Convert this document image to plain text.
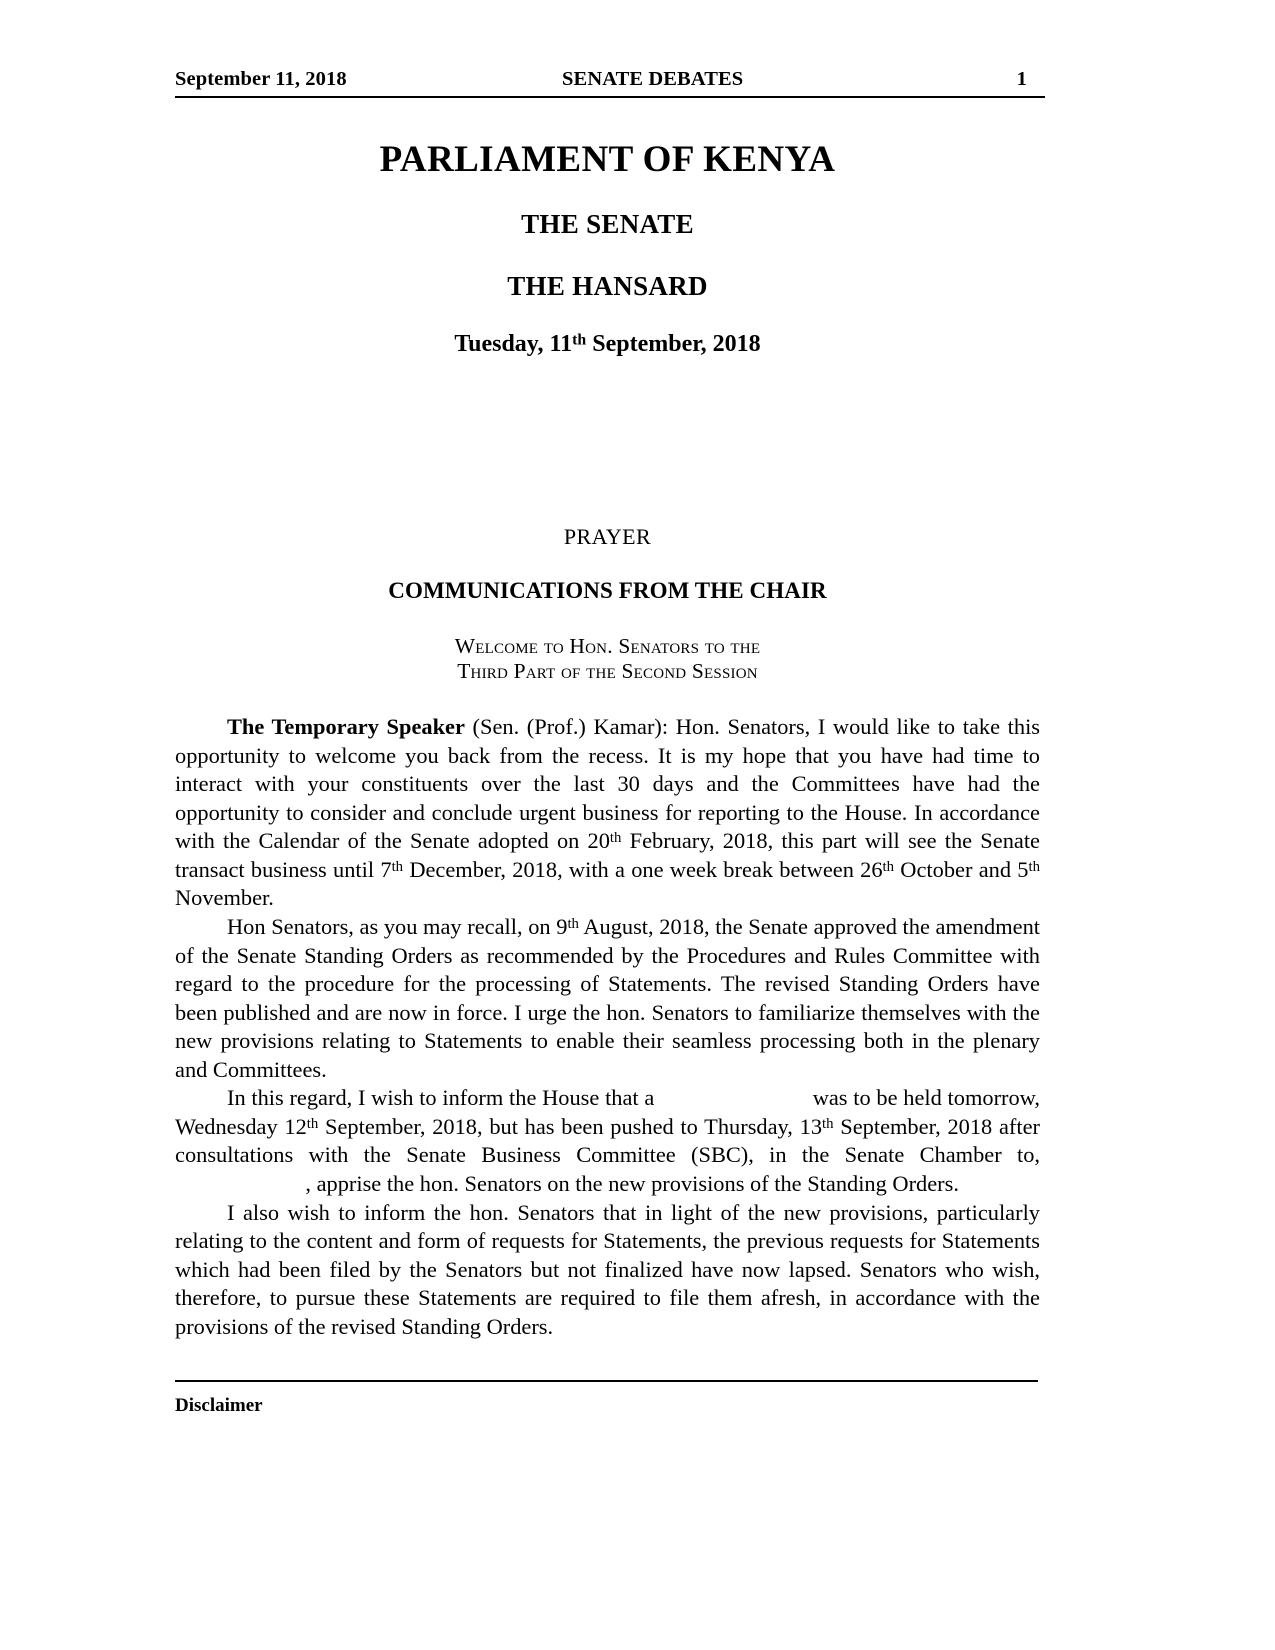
September 11, 2018	SENATE DEBATES	1
PARLIAMENT OF KENYA
THE SENATE
THE HANSARD
Tuesday, 11th September, 2018
PRAYER
COMMUNICATIONS FROM THE CHAIR
Welcome to Hon. Senators to the
Third Part of the Second Session

The Temporary Speaker (Sen. (Prof.) Kamar): Hon. Senators, I would like to take this opportunity to welcome you back from the recess. It is my hope that you have had time to interact with your constituents over the last 30 days and the Committees have had the opportunity to consider and conclude urgent business for reporting to the House. In accordance with the Calendar of the Senate adopted on 20th February, 2018, this part will see the Senate transact business until 7th December, 2018, with a one week break between 26th October and 5th November.

Hon Senators, as you may recall, on 9th August, 2018, the Senate approved the amendment of the Senate Standing Orders as recommended by the Procedures and Rules Committee with regard to the procedure for the processing of Statements. The revised Standing Orders have been published and are now in force. I urge the hon. Senators to familiarize themselves with the new provisions relating to Statements to enable their seamless processing both in the plenary and Committees.

In this regard, I wish to inform the House that a	was to be held tomorrow, Wednesday 12th September, 2018, but has been pushed to Thursday, 13th September, 2018 after consultations with the Senate Business Committee (SBC), in the Senate Chamber to,              , apprise the hon. Senators on the new provisions of the Standing Orders.

I also wish to inform the hon. Senators that in light of the new provisions, particularly relating to the content and form of requests for Statements, the previous requests for Statements which had been filed by the Senators but not finalized have now lapsed. Senators who wish, therefore, to pursue these Statements are required to file them afresh, in accordance with the provisions of the revised Standing Orders.

Disclaimer
